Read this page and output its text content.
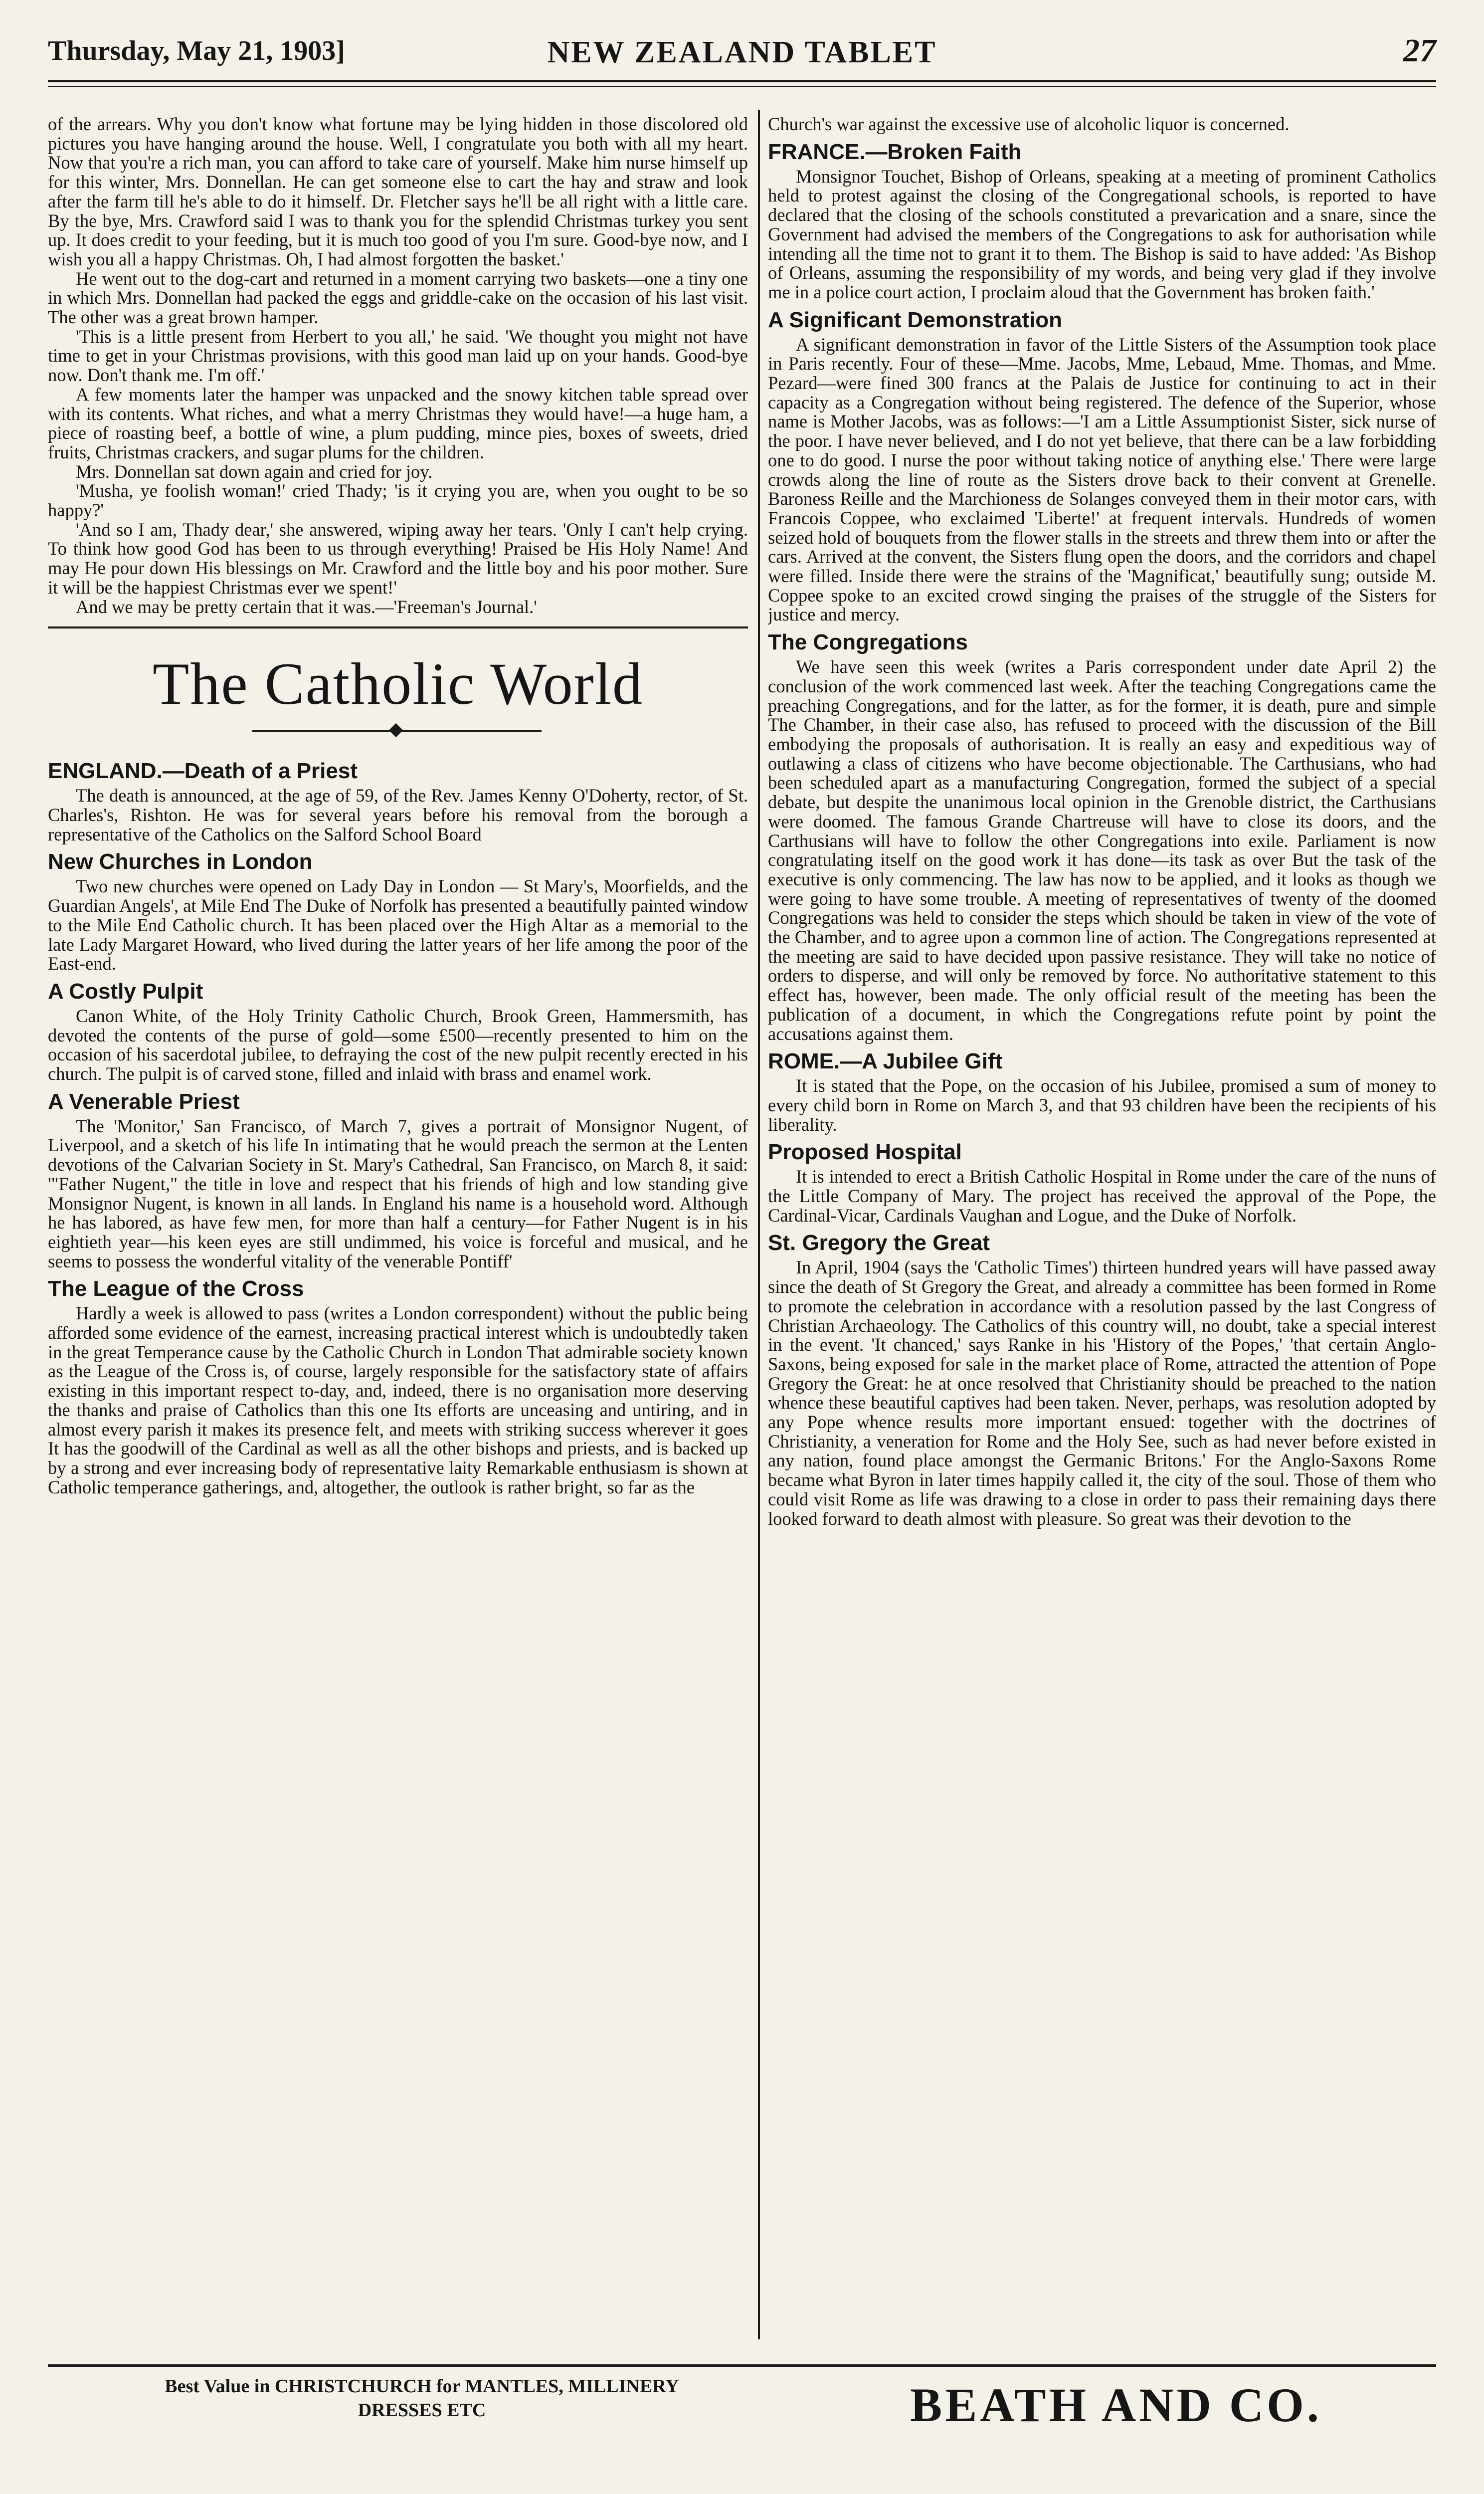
Thursday, May 21, 1903]	NEW ZEALAND TABLET	27

of the arrears. Why you don't know what fortune may be lying hidden in those discolored old pictures you have hanging around the house. Well, I congratulate you both with all my heart. Now that you're a rich man, you can afford to take care of yourself. Make him nurse himself up for this winter, Mrs. Donnellan. He can get someone else to cart the hay and straw and look after the farm till he's able to do it himself. Dr. Fletcher says he'll be all right with a little care. By the bye, Mrs. Crawford said I was to thank you for the splendid Christmas turkey you sent up. It does credit to your feeding, but it is much too good of you I'm sure. Good-bye now, and I wish you all a happy Christmas. Oh, I had almost forgotten the basket.'

He went out to the dog-cart and returned in a moment carrying two baskets—one a tiny one in which Mrs. Donnellan had packed the eggs and griddle-cake on the occasion of his last visit. The other was a great brown hamper.

'This is a little present from Herbert to you all,' he said. 'We thought you might not have time to get in your Christmas provisions, with this good man laid up on your hands. Good-bye now. Don't thank me. I'm off.'

A few moments later the hamper was unpacked and the snowy kitchen table spread over with its contents. What riches, and what a merry Christmas they would have!—a huge ham, a piece of roasting beef, a bottle of wine, a plum pudding, mince pies, boxes of sweets, dried fruits, Christmas crackers, and sugar plums for the children.

Mrs. Donnellan sat down again and cried for joy.

'Musha, ye foolish woman!' cried Thady; 'is it crying you are, when you ought to be so happy?'

'And so I am, Thady dear,' she answered, wiping away her tears. 'Only I can't help crying. To think how good God has been to us through everything! Praised be His Holy Name! And may He pour down His blessings on Mr. Crawford and the little boy and his poor mother. Sure it will be the happiest Christmas ever we spent!'

And we may be pretty certain that it was.—'Freeman's Journal.'

The Catholic World
ENGLAND.—Death of a Priest

The death is announced, at the age of 59, of the Rev. James Kenny O'Doherty, rector, of St. Charles's, Rishton. He was for several years before his removal from the borough a representative of the Catholics on the Salford School Board

New Churches in London

Two new churches were opened on Lady Day in London — St Mary's, Moorfields, and the Guardian Angels', at Mile End The Duke of Norfolk has presented a beautifully painted window to the Mile End Catholic church. It has been placed over the High Altar as a memorial to the late Lady Margaret Howard, who lived during the latter years of her life among the poor of the East-end.

A Costly Pulpit

Canon White, of the Holy Trinity Catholic Church, Brook Green, Hammersmith, has devoted the contents of the purse of gold—some £500—recently presented to him on the occasion of his sacerdotal jubilee, to defraying the cost of the new pulpit recently erected in his church. The pulpit is of carved stone, filled and inlaid with brass and enamel work.

A Venerable Priest

The 'Monitor,' San Francisco, of March 7, gives a portrait of Monsignor Nugent, of Liverpool, and a sketch of his life In intimating that he would preach the sermon at the Lenten devotions of the Calvarian Society in St. Mary's Cathedral, San Francisco, on March 8, it said: '"Father Nugent," the title in love and respect that his friends of high and low standing give Monsignor Nugent, is known in all lands. In England his name is a household word. Although he has labored, as have few men, for more than half a century—for Father Nugent is in his eightieth year—his keen eyes are still undimmed, his voice is forceful and musical, and he seems to possess the wonderful vitality of the venerable Pontiff'

The League of the Cross

Hardly a week is allowed to pass (writes a London correspondent) without the public being afforded some evidence of the earnest, increasing practical interest which is undoubtedly taken in the great Temperance cause by the Catholic Church in London That admirable society known as the League of the Cross is, of course, largely responsible for the satisfactory state of affairs existing in this important respect to-day, and, indeed, there is no organisation more deserving the thanks and praise of Catholics than this one Its efforts are unceasing and untiring, and in almost every parish it makes its presence felt, and meets with striking success wherever it goes It has the goodwill of the Cardinal as well as all the other bishops and priests, and is backed up by a strong and ever increasing body of representative laity Remarkable enthusiasm is shown at Catholic temperance gatherings, and, altogether, the outlook is rather bright, so far as the

Church's war against the excessive use of alcoholic liquor is concerned.

FRANCE.—Broken Faith

Monsignor Touchet, Bishop of Orleans, speaking at a meeting of prominent Catholics held to protest against the closing of the Congregational schools, is reported to have declared that the closing of the schools constituted a prevarication and a snare, since the Government had advised the members of the Congregations to ask for authorisation while intending all the time not to grant it to them. The Bishop is said to have added: 'As Bishop of Orleans, assuming the responsibility of my words, and being very glad if they involve me in a police court action, I proclaim aloud that the Government has broken faith.'

A Significant Demonstration

A significant demonstration in favor of the Little Sisters of the Assumption took place in Paris recently. Four of these—Mme. Jacobs, Mme, Lebaud, Mme. Thomas, and Mme. Pezard—were fined 300 francs at the Palais de Justice for continuing to act in their capacity as a Congregation without being registered. The defence of the Superior, whose name is Mother Jacobs, was as follows:—'I am a Little Assumptionist Sister, sick nurse of the poor. I have never believed, and I do not yet believe, that there can be a law forbidding one to do good. I nurse the poor without taking notice of anything else.' There were large crowds along the line of route as the Sisters drove back to their convent at Grenelle. Baroness Reille and the Marchioness de Solanges conveyed them in their motor cars, with Francois Coppee, who exclaimed 'Liberte!' at frequent intervals. Hundreds of women seized hold of bouquets from the flower stalls in the streets and threw them into or after the cars. Arrived at the convent, the Sisters flung open the doors, and the corridors and chapel were filled. Inside there were the strains of the 'Magnificat,' beautifully sung; outside M. Coppee spoke to an excited crowd singing the praises of the struggle of the Sisters for justice and mercy.

The Congregations

We have seen this week (writes a Paris correspondent under date April 2) the conclusion of the work commenced last week. After the teaching Congregations came the preaching Congregations, and for the latter, as for the former, it is death, pure and simple The Chamber, in their case also, has refused to proceed with the discussion of the Bill embodying the proposals of authorisation. It is really an easy and expeditious way of outlawing a class of citizens who have become objectionable. The Carthusians, who had been scheduled apart as a manufacturing Congregation, formed the subject of a special debate, but despite the unanimous local opinion in the Grenoble district, the Carthusians were doomed. The famous Grande Chartreuse will have to close its doors, and the Carthusians will have to follow the other Congregations into exile. Parliament is now congratulating itself on the good work it has done—its task as over But the task of the executive is only commencing. The law has now to be applied, and it looks as though we were going to have some trouble. A meeting of representatives of twenty of the doomed Congregations was held to consider the steps which should be taken in view of the vote of the Chamber, and to agree upon a common line of action. The Congregations represented at the meeting are said to have decided upon passive resistance. They will take no notice of orders to disperse, and will only be removed by force. No authoritative statement to this effect has, however, been made. The only official result of the meeting has been the publication of a document, in which the Congregations refute point by point the accusations against them.

ROME.—A Jubilee Gift

It is stated that the Pope, on the occasion of his Jubilee, promised a sum of money to every child born in Rome on March 3, and that 93 children have been the recipients of his liberality.

Proposed Hospital

It is intended to erect a British Catholic Hospital in Rome under the care of the nuns of the Little Company of Mary. The project has received the approval of the Pope, the Cardinal-Vicar, Cardinals Vaughan and Logue, and the Duke of Norfolk.

St. Gregory the Great

In April, 1904 (says the 'Catholic Times') thirteen hundred years will have passed away since the death of St Gregory the Great, and already a committee has been formed in Rome to promote the celebration in accordance with a resolution passed by the last Congress of Christian Archaeology. The Catholics of this country will, no doubt, take a special interest in the event. 'It chanced,' says Ranke in his 'History of the Popes,' 'that certain Anglo-Saxons, being exposed for sale in the market place of Rome, attracted the attention of Pope Gregory the Great: he at once resolved that Christianity should be preached to the nation whence these beautiful captives had been taken. Never, perhaps, was resolution adopted by any Pope whence results more important ensued: together with the doctrines of Christianity, a veneration for Rome and the Holy See, such as had never before existed in any nation, found place amongst the Germanic Britons.' For the Anglo-Saxons Rome became what Byron in later times happily called it, the city of the soul. Those of them who could visit Rome as life was drawing to a close in order to pass their remaining days there looked forward to death almost with pleasure. So great was their devotion to the

Best Value in CHRISTCHURCH for MANTLES, MILLINERY
DRESSES ETC	BEATH AND CO.
